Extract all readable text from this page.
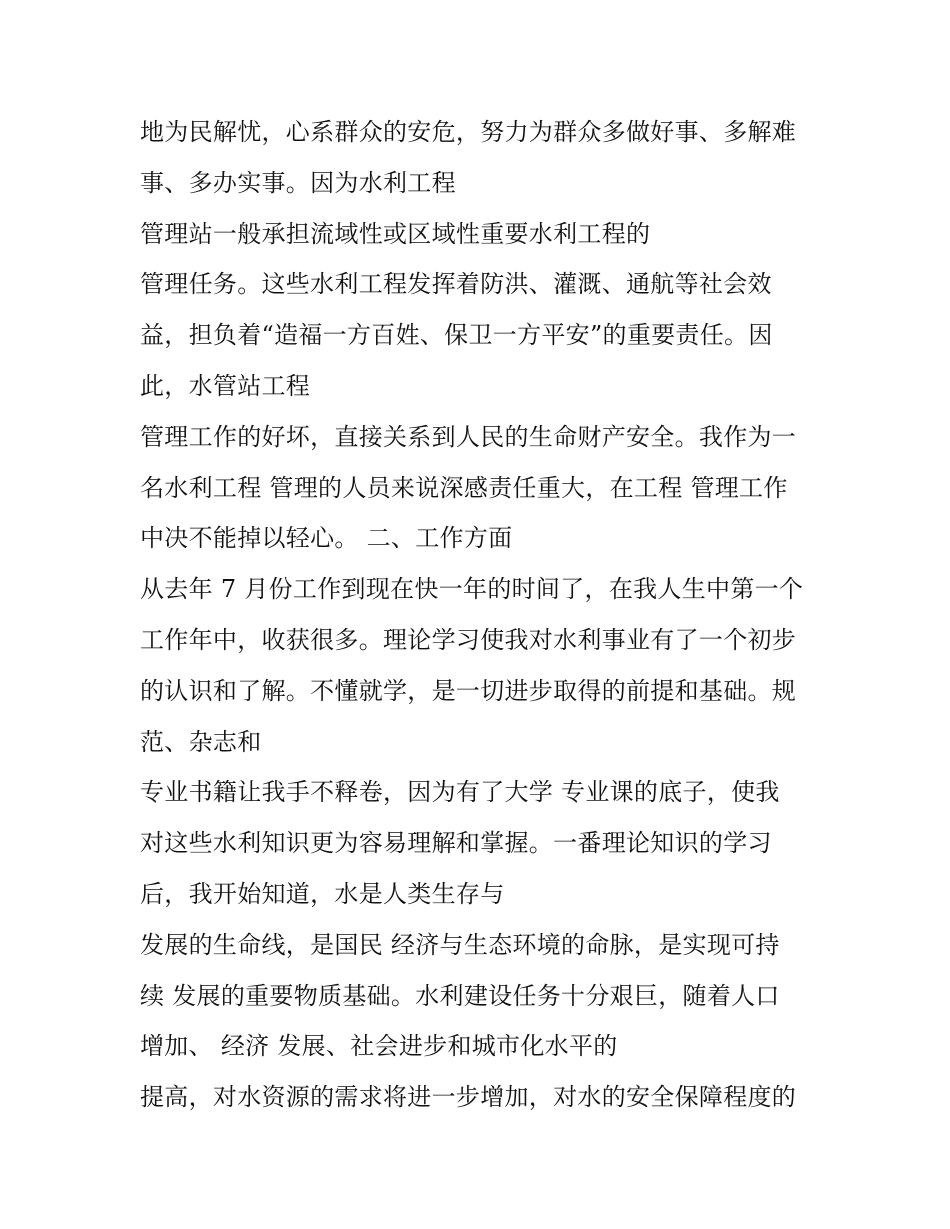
地为民解忧，心系群众的安危，努力为群众多做好事、多解难
事、多办实事。因为水利工程
管理站一般承担流域性或区域性重要水利工程的
管理任务。这些水利工程发挥着防洪、灌溉、通航等社会效
益，担负着“造福一方百姓、保卫一方平安”的重要责任。因
此，水管站工程
管理工作的好坏，直接关系到人民的生命财产安全。我作为一
名水利工程 管理的人员来说深感责任重大，在工程 管理工作
中决不能掉以轻心。 二、工作方面
从去年 7 月份工作到现在快一年的时间了，在我人生中第一个
工作年中，收获很多。理论学习使我对水利事业有了一个初步
的认识和了解。不懂就学，是一切进步取得的前提和基础。规
范、杂志和
专业书籍让我手不释卷，因为有了大学 专业课的底子，使我
对这些水利知识更为容易理解和掌握。一番理论知识的学习
后，我开始知道，水是人类生存与
发展的生命线，是国民 经济与生态环境的命脉，是实现可持
续 发展的重要物质基础。水利建设任务十分艰巨，随着人口
增加、 经济 发展、社会进步和城市化水平的
提高，对水资源的需求将进一步增加，对水的安全保障程度的
